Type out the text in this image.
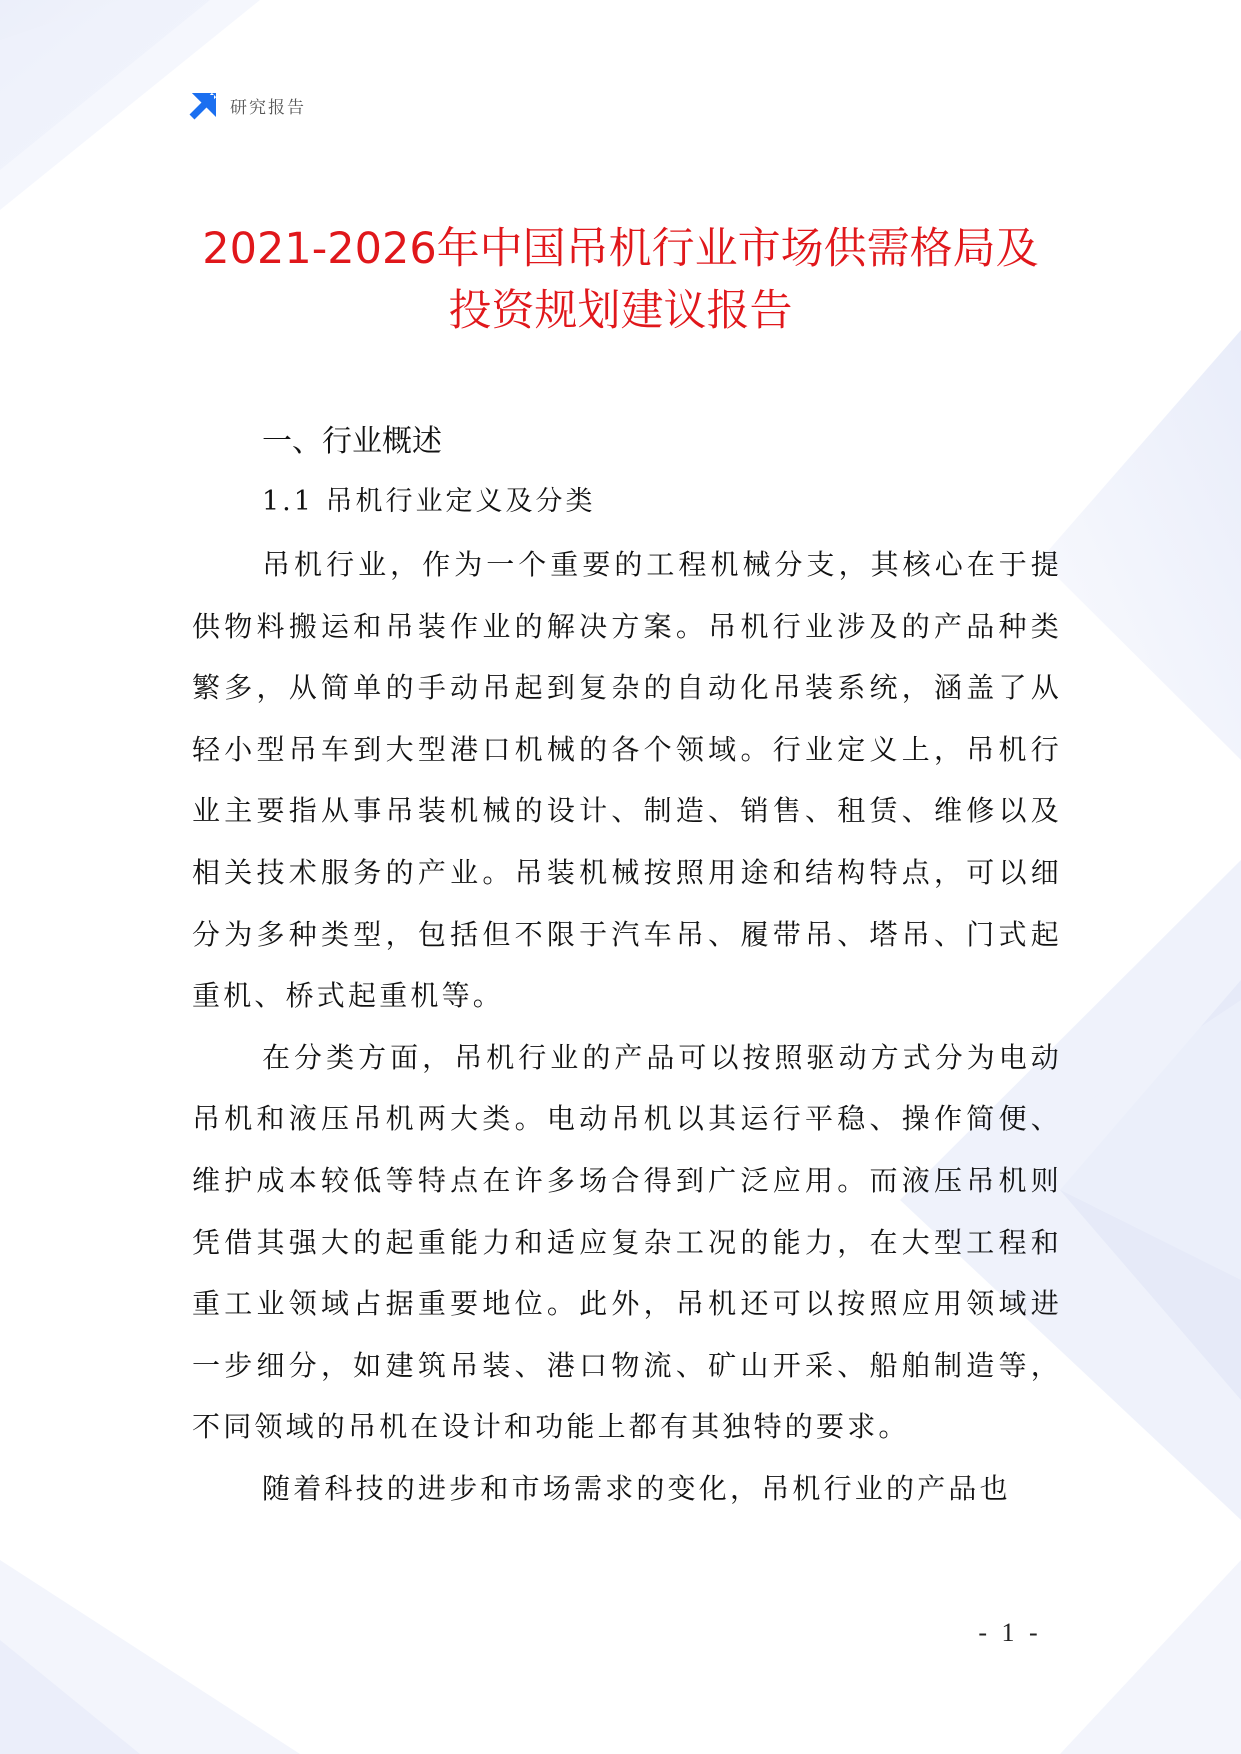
研究报告
2021-2026年中国吊机行业市场供需格局及
投资规划建议报告

一、行业概述

1.1 吊机行业定义及分类

吊机行业，作为一个重要的工程机械分支，其核心在于提供物料搬运和吊装作业的解决方案。吊机行业涉及的产品种类繁多，从简单的手动吊起到复杂的自动化吊装系统，涵盖了从轻小型吊车到大型港口机械的各个领域。行业定义上，吊机行业主要指从事吊装机械的设计、制造、销售、租赁、维修以及相关技术服务的产业。吊装机械按照用途和结构特点，可以细分为多种类型，包括但不限于汽车吊、履带吊、塔吊、门式起重机、桥式起重机等。

在分类方面，吊机行业的产品可以按照驱动方式分为电动吊机和液压吊机两大类。电动吊机以其运行平稳、操作简便、维护成本较低等特点在许多场合得到广泛应用。而液压吊机则凭借其强大的起重能力和适应复杂工况的能力，在大型工程和重工业领域占据重要地位。此外，吊机还可以按照应用领域进一步细分，如建筑吊装、港口物流、矿山开采、船舶制造等，不同领域的吊机在设计和功能上都有其独特的要求。

随着科技的进步和市场需求的变化，吊机行业的产品也

- 1 -
